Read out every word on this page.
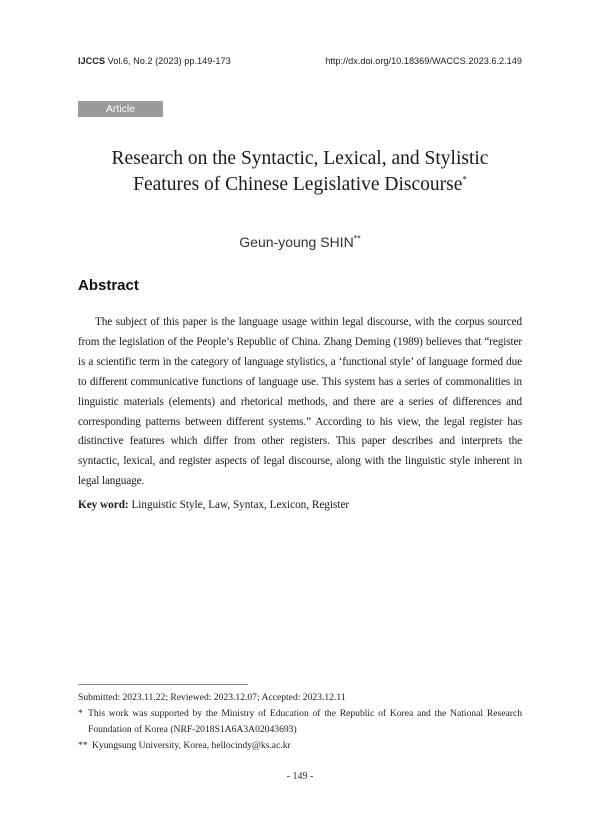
IJCCS Vol.6, No.2 (2023) pp.149-173	http://dx.doi.org/10.18369/WACCS.2023.6.2.149
Article
Research on the Syntactic, Lexical, and Stylistic
Features of Chinese Legislative Discourse*
Geun-young SHIN**
Abstract

The subject of this paper is the language usage within legal discourse, with the corpus sourced from the legislation of the People’s Republic of China. Zhang Deming (1989) believes that “register is a scientific term in the category of language stylistics, a ‘functional style’ of language formed due to different communicative functions of language use. This system has a series of commonalities in linguistic materials (elements) and rhetorical methods, and there are a series of differences and corresponding patterns between different systems.” According to his view, the legal register has distinctive features which differ from other registers. This paper describes and interprets the syntactic, lexical, and register aspects of legal discourse, along with the linguistic style inherent in legal language.

Key word: Linguistic Style, Law, Syntax, Lexicon, Register
Submitted: 2023.11.22; Reviewed: 2023.12.07; Accepted: 2023.12.11
* This work was supported by the Ministry of Education of the Republic of Korea and the National Research Foundation of Korea (NRF-2018S1A6A3A02043693)
** Kyungsung University, Korea, hellocindy@ks.ac.kr
- 149 -
